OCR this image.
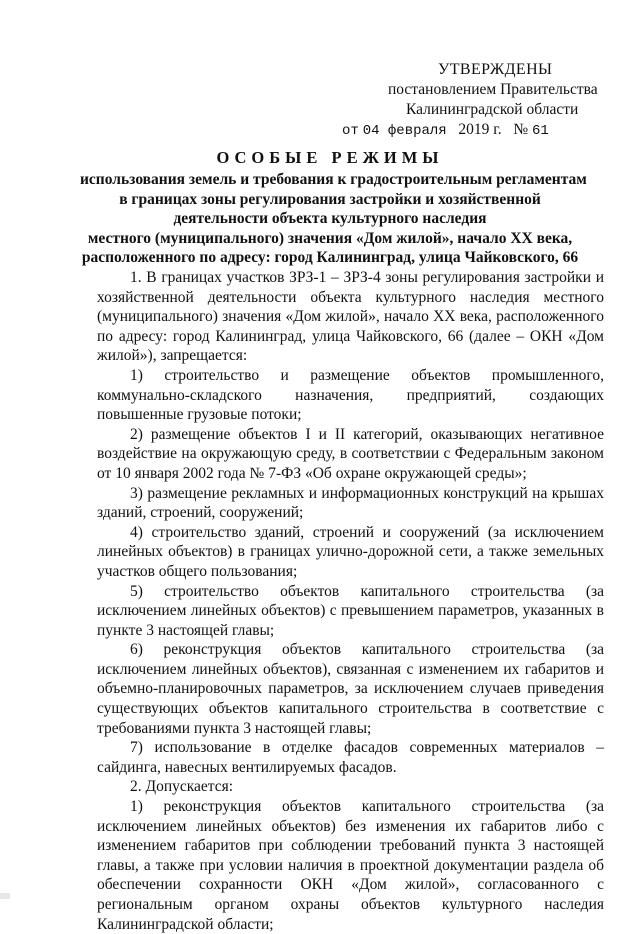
УТВЕРЖДЕНЫ
постановлением Правительства
Калининградской области
от 04 февраля 2019 г. № 61
ОСОБЫЕ РЕЖИМЫ
использования земель и требования к градостроительным регламентам
в границах зоны регулирования застройки и хозяйственной
деятельности объекта культурного наследия
местного (муниципального) значения «Дом жилой», начало XX века,
расположенного по адресу: город Калининград, улица Чайковского, 66

1. В границах участков ЗРЗ-1 – ЗРЗ-4 зоны регулирования застройки и хозяйственной деятельности объекта культурного наследия местного (муниципального) значения «Дом жилой», начало XX века, расположенного по адресу: город Калининград, улица Чайковского, 66 (далее – ОКН «Дом жилой»), запрещается:

1) строительство и размещение объектов промышленного, коммунально-складского назначения, предприятий, создающих повышенные грузовые потоки;

2) размещение объектов I и II категорий, оказывающих негативное воздействие на окружающую среду, в соответствии с Федеральным законом от 10 января 2002 года № 7-ФЗ «Об охране окружающей среды»;

3) размещение рекламных и информационных конструкций на крышах зданий, строений, сооружений;

4) строительство зданий, строений и сооружений (за исключением линейных объектов) в границах улично-дорожной сети, а также земельных участков общего пользования;

5) строительство объектов капитального строительства (за исключением линейных объектов) с превышением параметров, указанных в пункте 3 настоящей главы;

6) реконструкция объектов капитального строительства (за исключением линейных объектов), связанная с изменением их габаритов и объемно-планировочных параметров, за исключением случаев приведения существующих объектов капитального строительства в соответствие с требованиями пункта 3 настоящей главы;

7) использование в отделке фасадов современных материалов – сайдинга, навесных вентилируемых фасадов.

2. Допускается:

1) реконструкция объектов капитального строительства (за исключением линейных объектов) без изменения их габаритов либо с изменением габаритов при соблюдении требований пункта 3 настоящей главы, а также при условии наличия в проектной документации раздела об обеспечении сохранности ОКН «Дом жилой», согласованного с региональным органом охраны объектов культурного наследия Калининградской области;
